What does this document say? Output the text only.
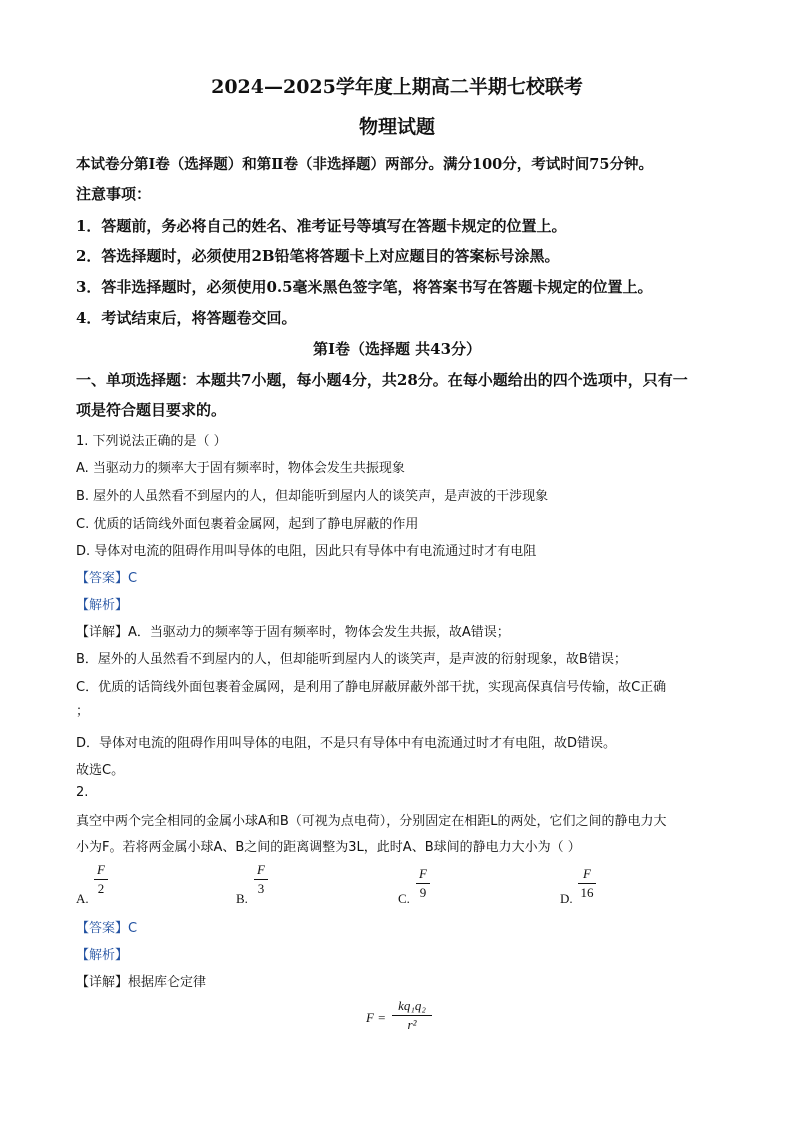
2024—2025学年度上期高二半期七校联考
物理试题
本试卷分第Ⅰ卷（选择题）和第Ⅱ卷（非选择题）两部分。满分100分，考试时间75分钟。
注意事项：
1．答题前，务必将自己的姓名、准考证号等填写在答题卡规定的位置上。
2．答选择题时，必须使用2B铅笔将答题卡上对应题目的答案标号涂黑。
3．答非选择题时，必须使用0.5毫米黑色签字笔，将答案书写在答题卡规定的位置上。
4．考试结束后，将答题卷交回。
第Ⅰ卷（选择题 共43分）
一、单项选择题：本题共7小题，每小题4分，共28分。在每小题给出的四个选项中，只有一
项是符合题目要求的。
1. 下列说法正确的是（ ）
A. 当驱动力的频率大于固有频率时，物体会发生共振现象
B. 屋外的人虽然看不到屋内的人，但却能听到屋内人的谈笑声，是声波的干涉现象
C. 优质的话筒线外面包裹着金属网，起到了静电屏蔽的作用
D. 导体对电流的阻碍作用叫导体的电阻，因此只有导体中有电流通过时才有电阻
【答案】C
【解析】
【详解】A．当驱动力的频率等于固有频率时，物体会发生共振，故A错误；
B．屋外的人虽然看不到屋内的人，但却能听到屋内人的谈笑声，是声波的衍射现象，故B错误；
C．优质的话筒线外面包裹着金属网，是利用了静电屏蔽屏蔽外部干扰，实现高保真信号传输，故C正确
；
D．导体对电流的阻碍作用叫导体的电阻，不是只有导体中有电流通过时才有电阻，故D错误。
故选C。
2.
真空中两个完全相同的金属小球A和B（可视为点电荷），分别固定在相距L的两处，它们之间的静电力大
小为F。若将两金属小球A、B之间的距离调整为3L，此时A、B球间的静电力大小为（ ）
A.
F
2
B.
F
3
C.
F
9	D.
F
16
【答案】C
【解析】
【详解】根据库仑定律
F =
kq₁q₂
r²
